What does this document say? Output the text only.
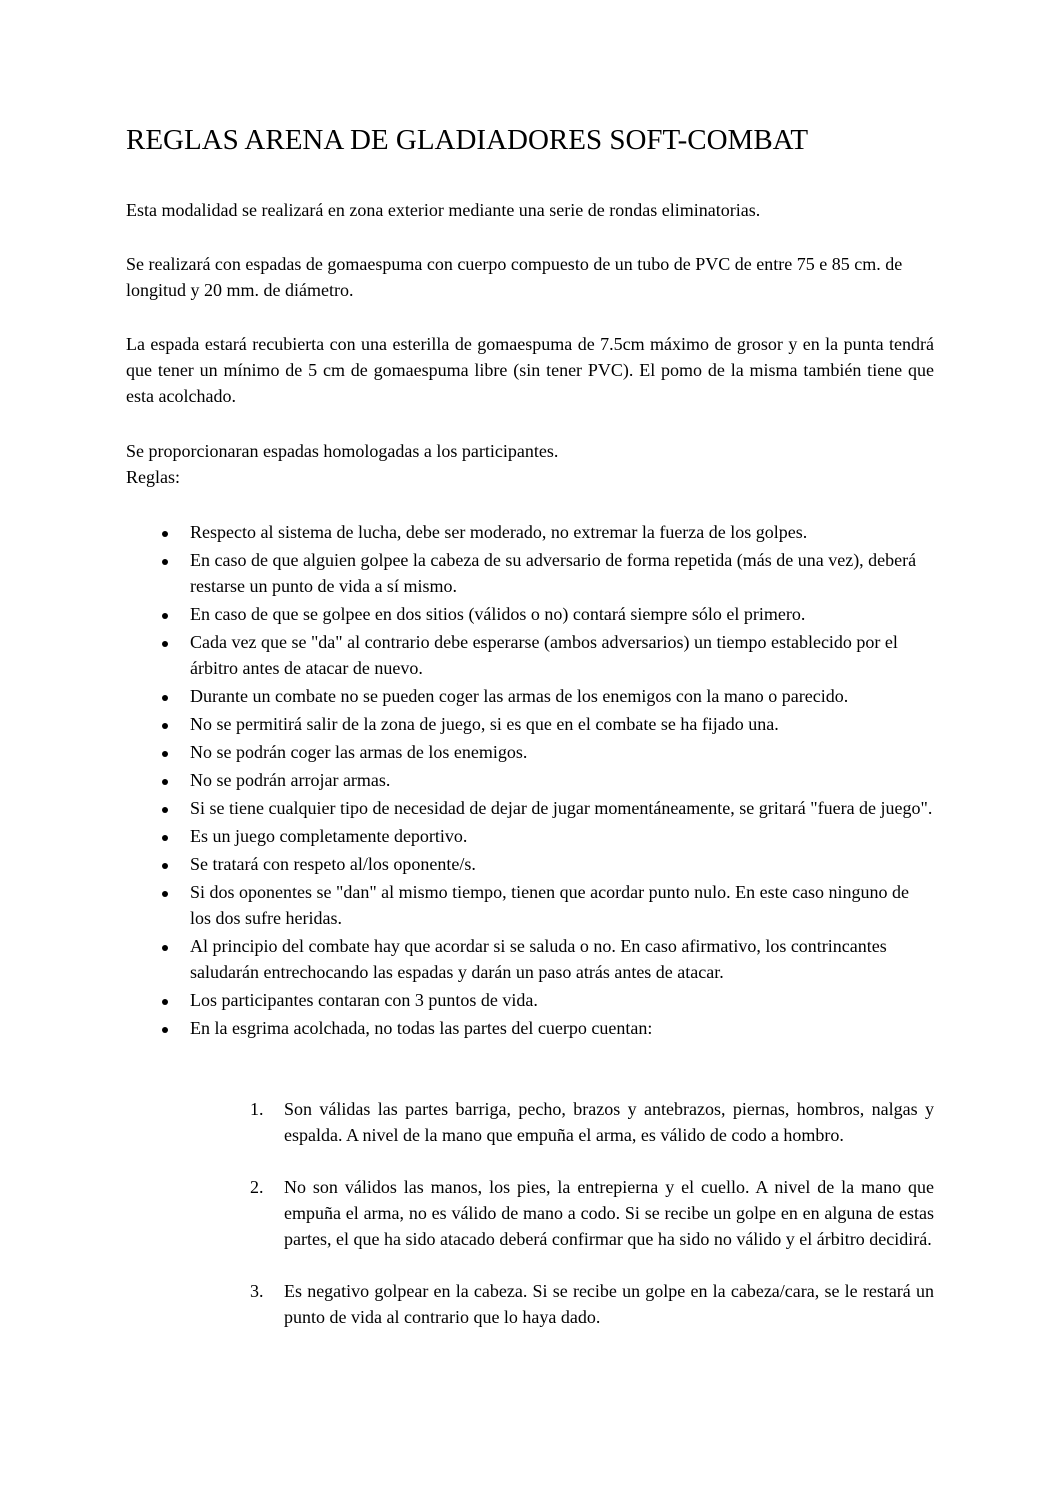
REGLAS ARENA DE GLADIADORES SOFT-COMBAT

Esta modalidad se realizará en zona exterior mediante una serie de rondas eliminatorias.

Se realizará con espadas de gomaespuma con cuerpo compuesto de un tubo de PVC de entre 75 e 85 cm. de longitud y 20 mm. de diámetro.

La espada estará recubierta con una esterilla de gomaespuma de 7.5cm máximo de grosor y en la punta tendrá que tener un mínimo de 5 cm de gomaespuma libre (sin tener PVC). El pomo de la misma también tiene que esta acolchado.

Se proporcionaran espadas homologadas a los participantes.

Reglas:

Respecto al sistema de lucha, debe ser moderado, no extremar la fuerza de los golpes.
En caso de que alguien golpee la cabeza de su adversario de forma repetida (más de una vez), deberá restarse un punto de vida a sí mismo.
En caso de que se golpee en dos sitios (válidos o no) contará siempre sólo el primero.
Cada vez que se "da" al contrario debe esperarse (ambos adversarios) un tiempo establecido por el árbitro antes de atacar de nuevo.
Durante un combate no se pueden coger las armas de los enemigos con la mano o parecido.
No se permitirá salir de la zona de juego, si es que en el combate se ha fijado una.
No se podrán coger las armas de los enemigos.
No se podrán arrojar armas.
Si se tiene cualquier tipo de necesidad de dejar de jugar momentáneamente, se gritará "fuera de juego".
Es un juego completamente deportivo.
Se tratará con respeto al/los oponente/s.
Si dos oponentes se "dan" al mismo tiempo, tienen que acordar punto nulo. En este caso ninguno de los dos sufre heridas.
Al principio del combate hay que acordar si se saluda o no. En caso afirmativo, los contrincantes saludarán entrechocando las espadas y darán un paso atrás antes de atacar.
Los participantes contaran con 3 puntos de vida.
En la esgrima acolchada, no todas las partes del cuerpo cuentan:
1. Son válidas las partes barriga, pecho, brazos y antebrazos, piernas, hombros, nalgas y espalda. A nivel de la mano que empuña el arma, es válido de codo a hombro.
2. No son válidos las manos, los pies, la entrepierna y el cuello. A nivel de la mano que empuña el arma, no es válido de mano a codo. Si se recibe un golpe en en alguna de estas partes, el que ha sido atacado deberá confirmar que ha sido no válido y el árbitro decidirá.
3. Es negativo golpear en la cabeza. Si se recibe un golpe en la cabeza/cara, se le restará un punto de vida al contrario que lo haya dado.
